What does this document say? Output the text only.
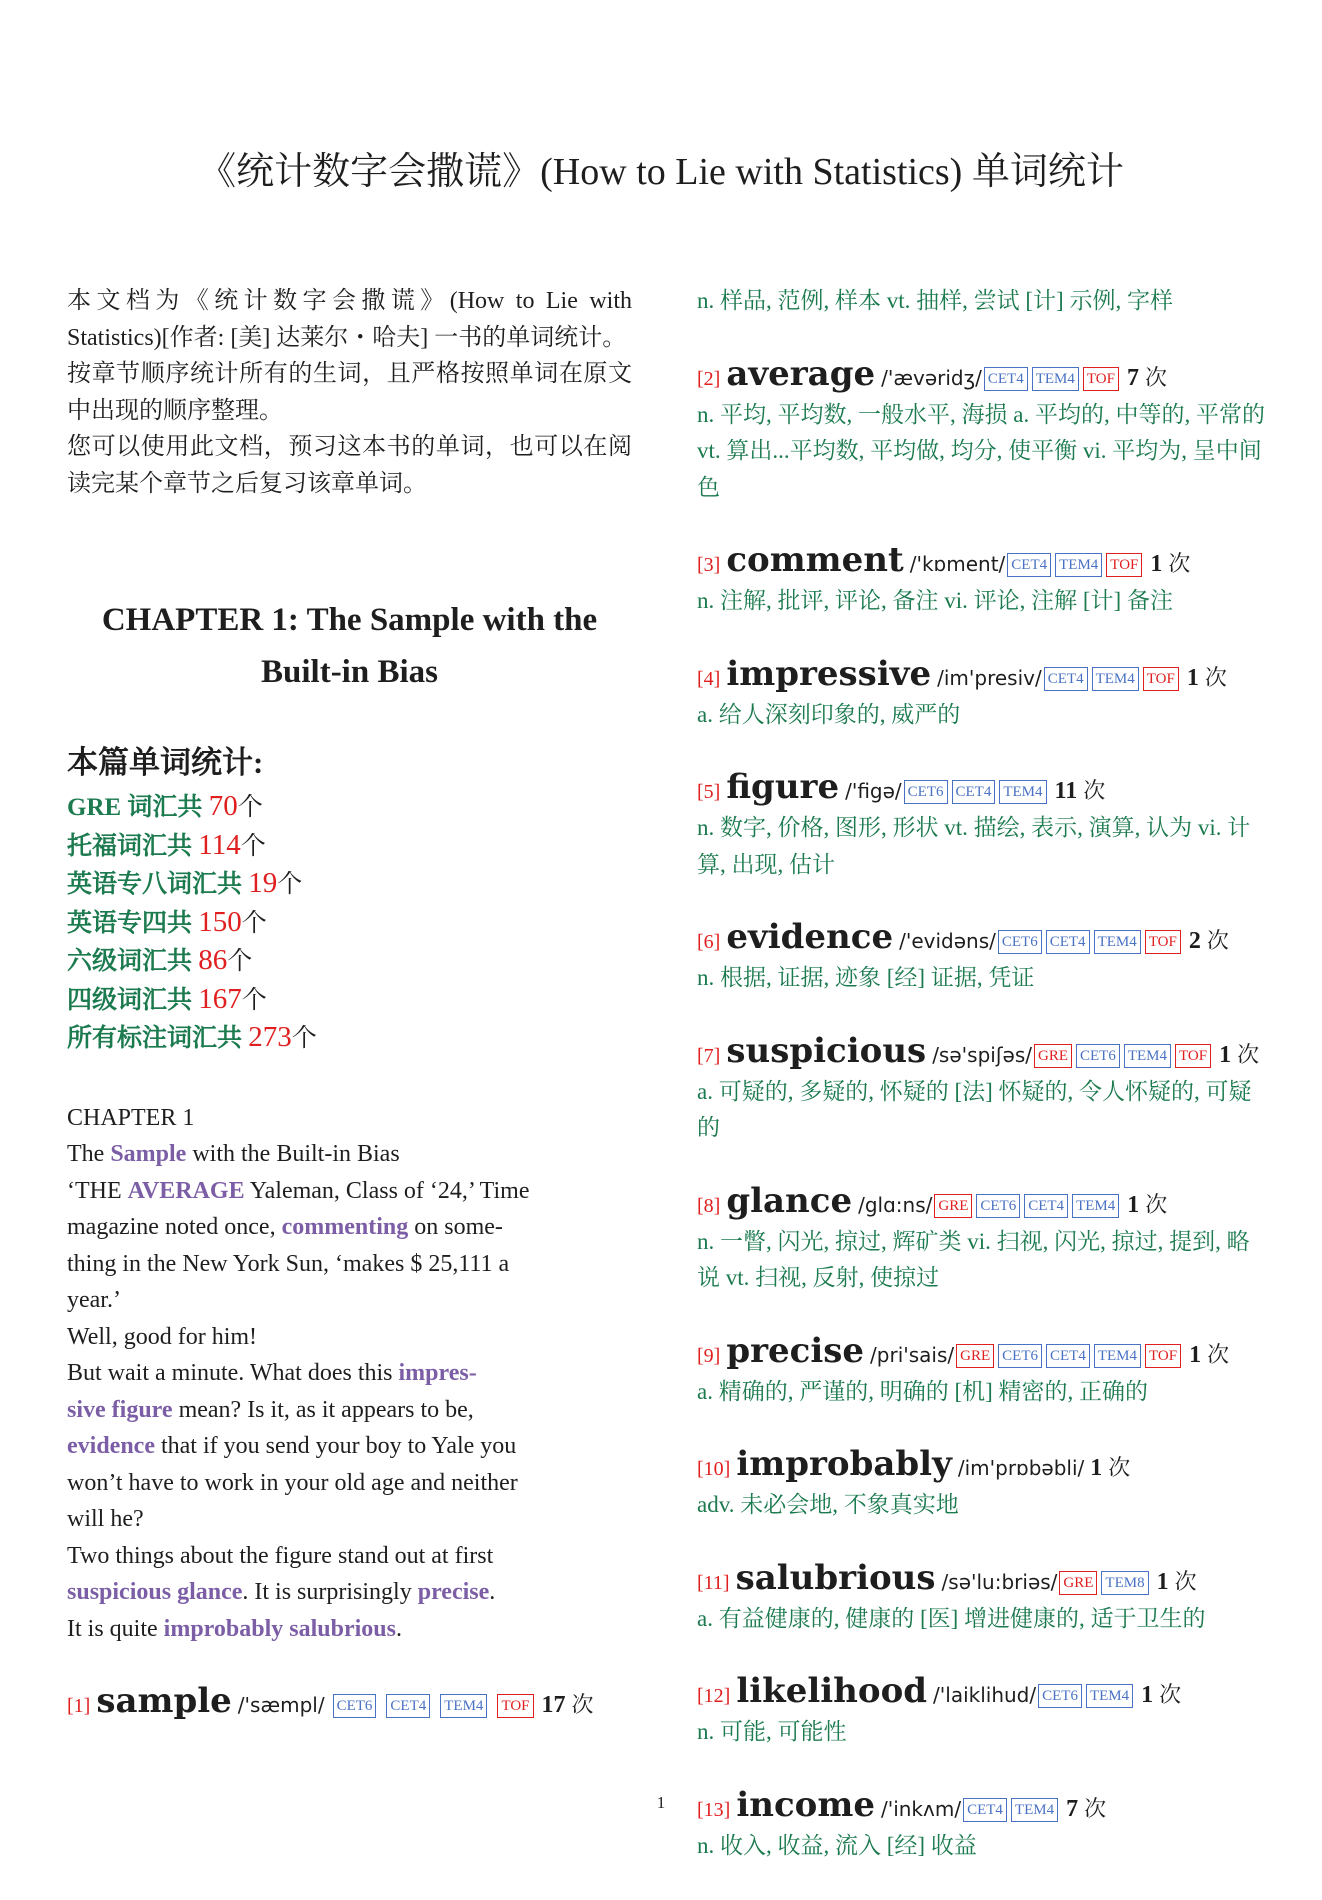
《统计数字会撒谎》(How to Lie with Statistics) 单词统计

本文档为《统计数字会撒谎》(How to Lie with Statistics)[作者: [美] 达莱尔・哈夫] 一书的单词统计。

按章节顺序统计所有的生词，且严格按照单词在原文中出现的顺序整理。

您可以使用此文档，预习这本书的单词，也可以在阅读完某个章节之后复习该章单词。

CHAPTER 1: The Sample with the Built-in Bias
本篇单词统计:
GRE 词汇共 70个
托福词汇共 114个
英语专八词汇共 19个
英语专四共 150个
六级词汇共 86个
四级词汇共 167个
所有标注词汇共 273个
CHAPTER 1
The Sample with the Built-in Bias
‘THE AVERAGE Yaleman, Class of ‘24,’ Time
magazine noted once, commenting on some-
thing in the New York Sun, ‘makes $ 25,111 a
year.’
Well, good for him!
But wait a minute. What does this impres-
sive figure mean? Is it, as it appears to be,
evidence that if you send your boy to Yale you
won’t have to work in your old age and neither
will he?
Two things about the figure stand out at first
suspicious glance. It is surprisingly precise.
It is quite improbably salubrious.
[1] sample /'sæmpl/ CET6 CET4 TEM4 TOF 17 次
n. 样品, 范例, 样本 vt. 抽样, 尝试 [计] 示例, 字样
[2] average /'ævəridʒ/ CET4 TEM4 TOF 7 次
n. 平均, 平均数, 一般水平, 海损 a. 平均的, 中等的, 平常的 vt. 算出...平均数, 平均做, 均分, 使平衡 vi. 平均为, 呈中间色
[3] comment /'kɒment/ CET4 TEM4 TOF 1 次
n. 注解, 批评, 评论, 备注 vi. 评论, 注解 [计] 备注
[4] impressive /im'presiv/ CET4 TEM4 TOF 1 次
a. 给人深刻印象的, 威严的
[5] figure /'figə/ CET6 CET4 TEM4 11 次
n. 数字, 价格, 图形, 形状 vt. 描绘, 表示, 演算, 认为 vi. 计算, 出现, 估计
[6] evidence /'evidəns/ CET6 CET4 TEM4 TOF 2 次
n. 根据, 证据, 迹象 [经] 证据, 凭证
[7] suspicious /sə'spiʃəs/ GRE CET6 TEM4 TOF 1 次
a. 可疑的, 多疑的, 怀疑的 [法] 怀疑的, 令人怀疑的, 可疑的
[8] glance /glɑ:ns/ GRE CET6 CET4 TEM4 1 次
n. 一瞥, 闪光, 掠过, 辉矿类 vi. 扫视, 闪光, 掠过, 提到, 略说 vt. 扫视, 反射, 使掠过
[9] precise /pri'sais/ GRE CET6 CET4 TEM4 TOF 1 次
a. 精确的, 严谨的, 明确的 [机] 精密的, 正确的
[10] improbably /im'prɒbəbli/ 1 次
adv. 未必会地, 不象真实地
[11] salubrious /sə'lu:briəs/ GRE TEM8 1 次
a. 有益健康的, 健康的 [医] 增进健康的, 适于卫生的
[12] likelihood /'laiklihud/ CET6 TEM4 1 次
n. 可能, 可能性
[13] income /'inkʌm/ CET4 TEM4 7 次
n. 收入, 收益, 流入 [经] 收益
1
